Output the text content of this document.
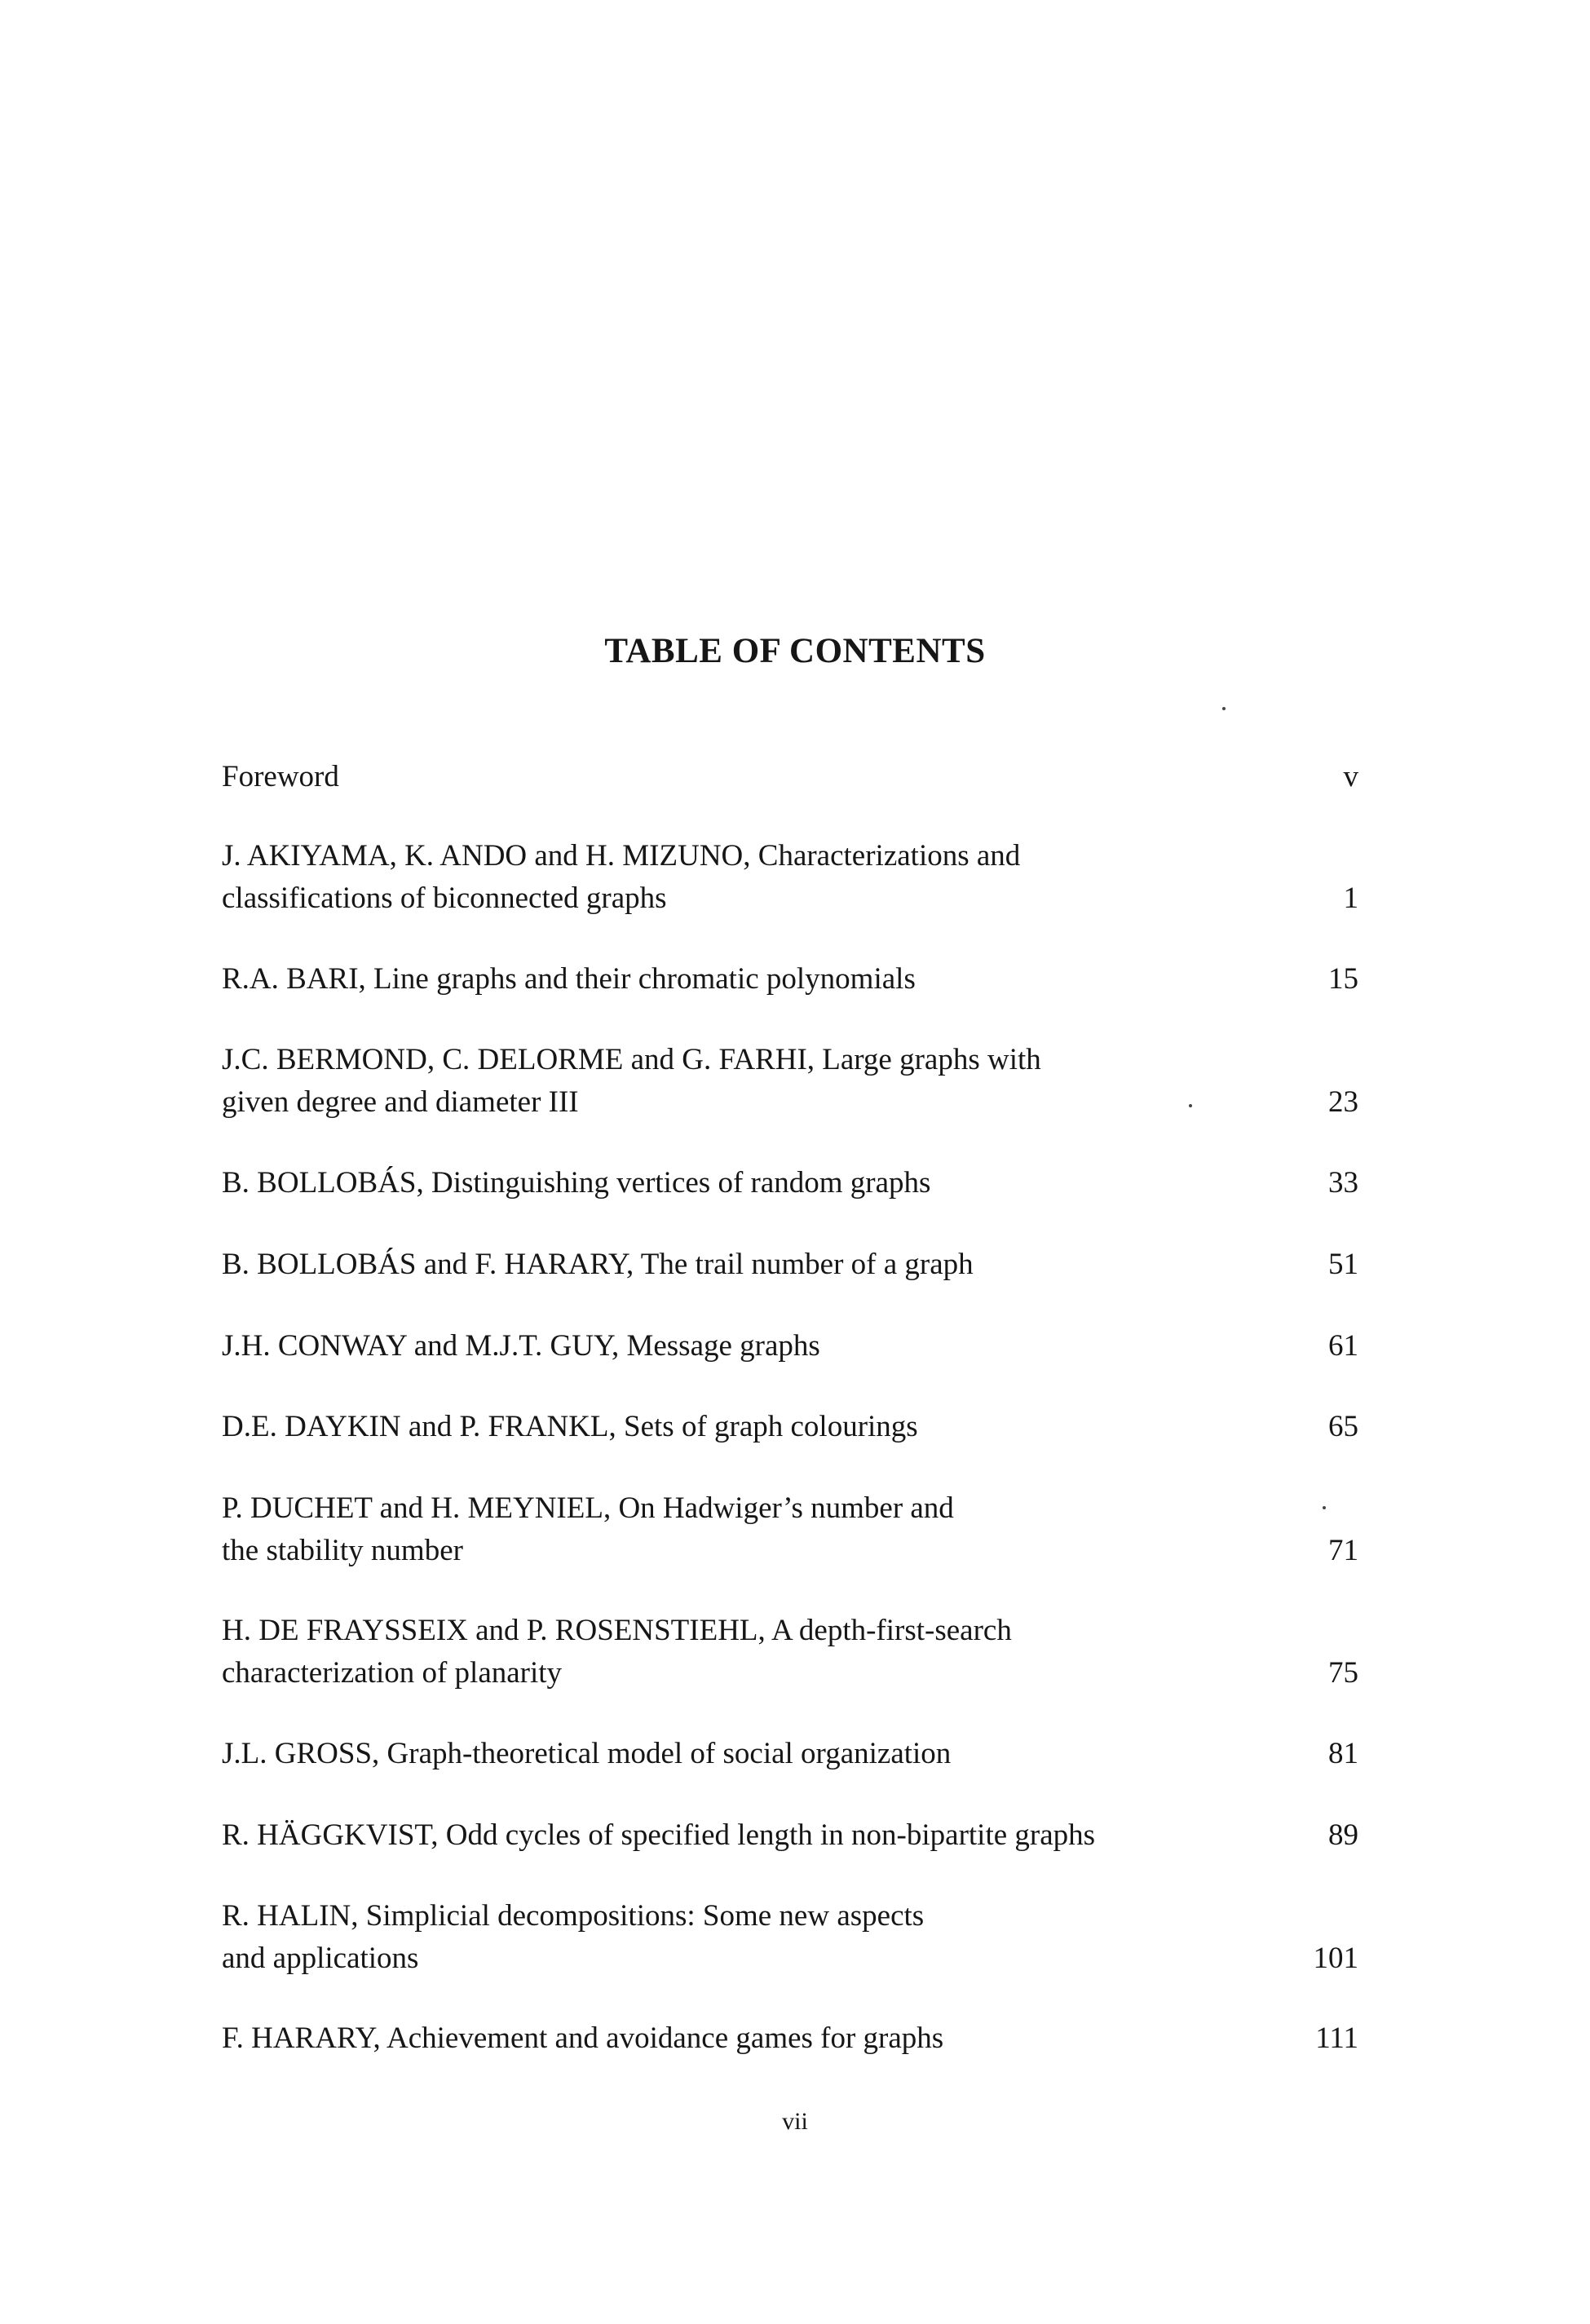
TABLE OF CONTENTS
Foreword	v
J. AKIYAMA, K. ANDO and H. MIZUNO, Characterizations and
classifications of biconnected graphs	1
R.A. BARI, Line graphs and their chromatic polynomials	15
J.C. BERMOND, C. DELORME and G. FARHI, Large graphs with
given degree and diameter III	23
B. BOLLOBÁS, Distinguishing vertices of random graphs	33
B. BOLLOBÁS and F. HARARY, The trail number of a graph	51
J.H. CONWAY and M.J.T. GUY, Message graphs	61
D.E. DAYKIN and P. FRANKL, Sets of graph colourings	65
P. DUCHET and H. MEYNIEL, On Hadwiger’s number and
the stability number	71
H. DE FRAYSSEIX and P. ROSENSTIEHL, A depth-first-search
characterization of planarity	75
J.L. GROSS, Graph-theoretical model of social organization	81
R. HÄGGKVIST, Odd cycles of specified length in non-bipartite graphs	89
R. HALIN, Simplicial decompositions: Some new aspects
and applications	101
F. HARARY, Achievement and avoidance games for graphs	111
vii
